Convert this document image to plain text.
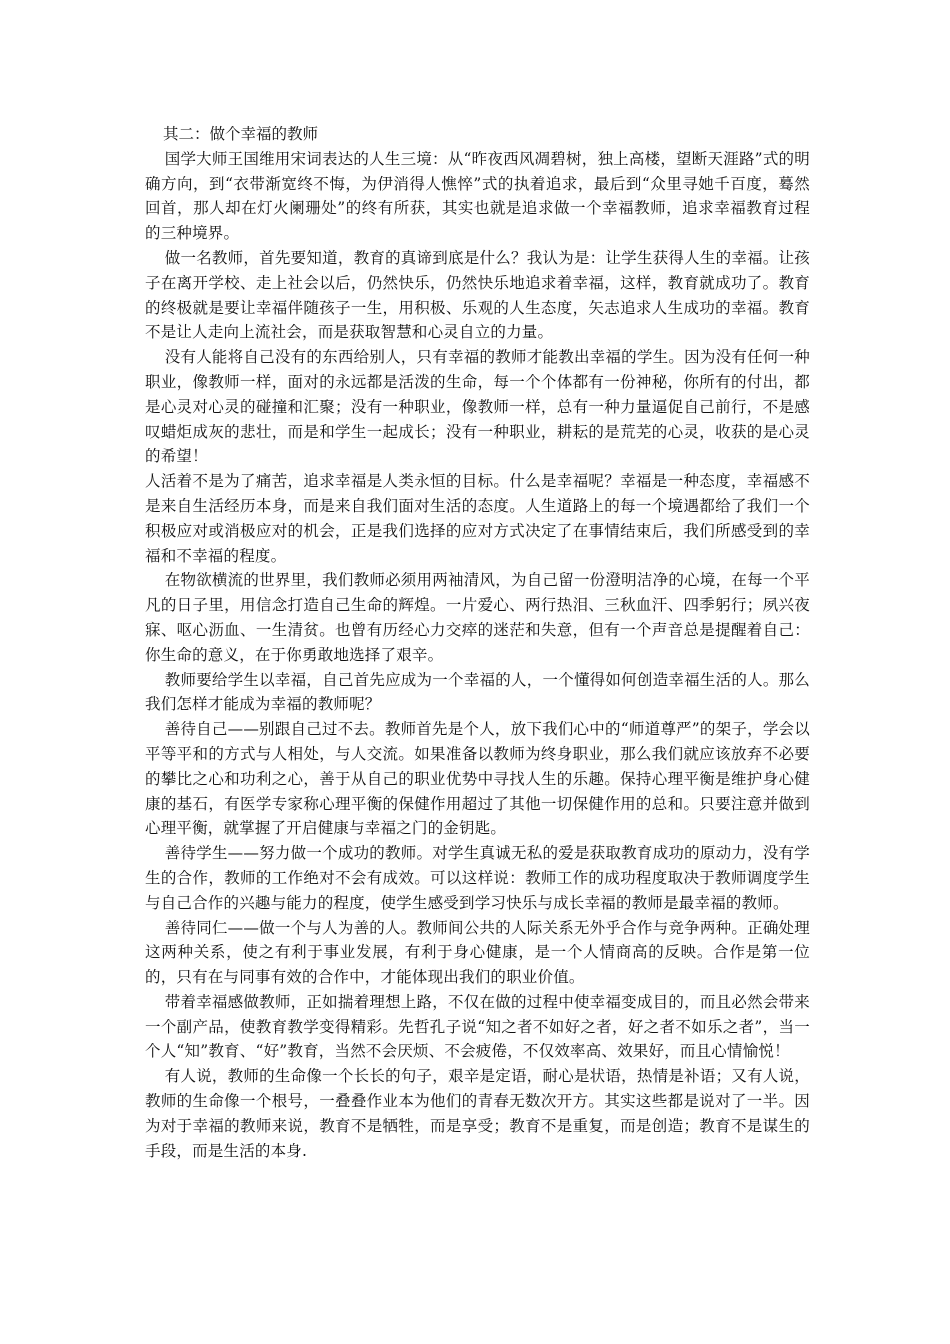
其二：做个幸福的教师

国学大师王国维用宋词表达的人生三境：从“昨夜西风凋碧树，独上高楼，望断天涯路”式的明确方向，到“衣带渐宽终不悔，为伊消得人憔悴”式的执着追求，最后到“众里寻她千百度，蓦然回首，那人却在灯火阑珊处”的终有所获，其实也就是追求做一个幸福教师，追求幸福教育过程的三种境界。

做一名教师，首先要知道，教育的真谛到底是什么？我认为是：让学生获得人生的幸福。让孩子在离开学校、走上社会以后，仍然快乐，仍然快乐地追求着幸福，这样，教育就成功了。教育的终极就是要让幸福伴随孩子一生，用积极、乐观的人生态度，矢志追求人生成功的幸福。教育不是让人走向上流社会，而是获取智慧和心灵自立的力量。

没有人能将自己没有的东西给别人，只有幸福的教师才能教出幸福的学生。因为没有任何一种职业，像教师一样，面对的永远都是活泼的生命，每一个个体都有一份神秘，你所有的付出，都是心灵对心灵的碰撞和汇聚；没有一种职业，像教师一样，总有一种力量逼促自己前行，不是感叹蜡炬成灰的悲壮，而是和学生一起成长；没有一种职业，耕耘的是荒芜的心灵，收获的是心灵的希望！

人活着不是为了痛苦，追求幸福是人类永恒的目标。什么是幸福呢？幸福是一种态度，幸福感不是来自生活经历本身，而是来自我们面对生活的态度。人生道路上的每一个境遇都给了我们一个积极应对或消极应对的机会，正是我们选择的应对方式决定了在事情结束后，我们所感受到的幸福和不幸福的程度。

在物欲横流的世界里，我们教师必须用两袖清风，为自己留一份澄明洁净的心境，在每一个平凡的日子里，用信念打造自己生命的辉煌。一片爱心、两行热泪、三秋血汗、四季躬行；夙兴夜寐、呕心沥血、一生清贫。也曾有历经心力交瘁的迷茫和失意，但有一个声音总是提醒着自己：你生命的意义，在于你勇敢地选择了艰辛。

教师要给学生以幸福，自己首先应成为一个幸福的人，一个懂得如何创造幸福生活的人。那么我们怎样才能成为幸福的教师呢？

善待自己——别跟自己过不去。教师首先是个人，放下我们心中的“师道尊严”的架子，学会以平等平和的方式与人相处，与人交流。如果准备以教师为终身职业，那么我们就应该放弃不必要的攀比之心和功利之心，善于从自己的职业优势中寻找人生的乐趣。保持心理平衡是维护身心健康的基石，有医学专家称心理平衡的保健作用超过了其他一切保健作用的总和。只要注意并做到心理平衡，就掌握了开启健康与幸福之门的金钥匙。

善待学生——努力做一个成功的教师。对学生真诚无私的爱是获取教育成功的原动力，没有学生的合作，教师的工作绝对不会有成效。可以这样说：教师工作的成功程度取决于教师调度学生与自己合作的兴趣与能力的程度，使学生感受到学习快乐与成长幸福的教师是最幸福的教师。

善待同仁——做一个与人为善的人。教师间公共的人际关系无外乎合作与竞争两种。正确处理这两种关系，使之有利于事业发展，有利于身心健康，是一个人情商高的反映。合作是第一位的，只有在与同事有效的合作中，才能体现出我们的职业价值。

带着幸福感做教师，正如揣着理想上路，不仅在做的过程中使幸福变成目的，而且必然会带来一个副产品，使教育教学变得精彩。先哲孔子说“知之者不如好之者，好之者不如乐之者”，当一个人“知”教育、“好”教育，当然不会厌烦、不会疲倦，不仅效率高、效果好，而且心情愉悦！

有人说，教师的生命像一个长长的句子，艰辛是定语，耐心是状语，热情是补语；又有人说，教师的生命像一个根号，一叠叠作业本为他们的青春无数次开方。其实这些都是说对了一半。因为对于幸福的教师来说，教育不是牺牲，而是享受；教育不是重复，而是创造；教育不是谋生的手段，而是生活的本身.
